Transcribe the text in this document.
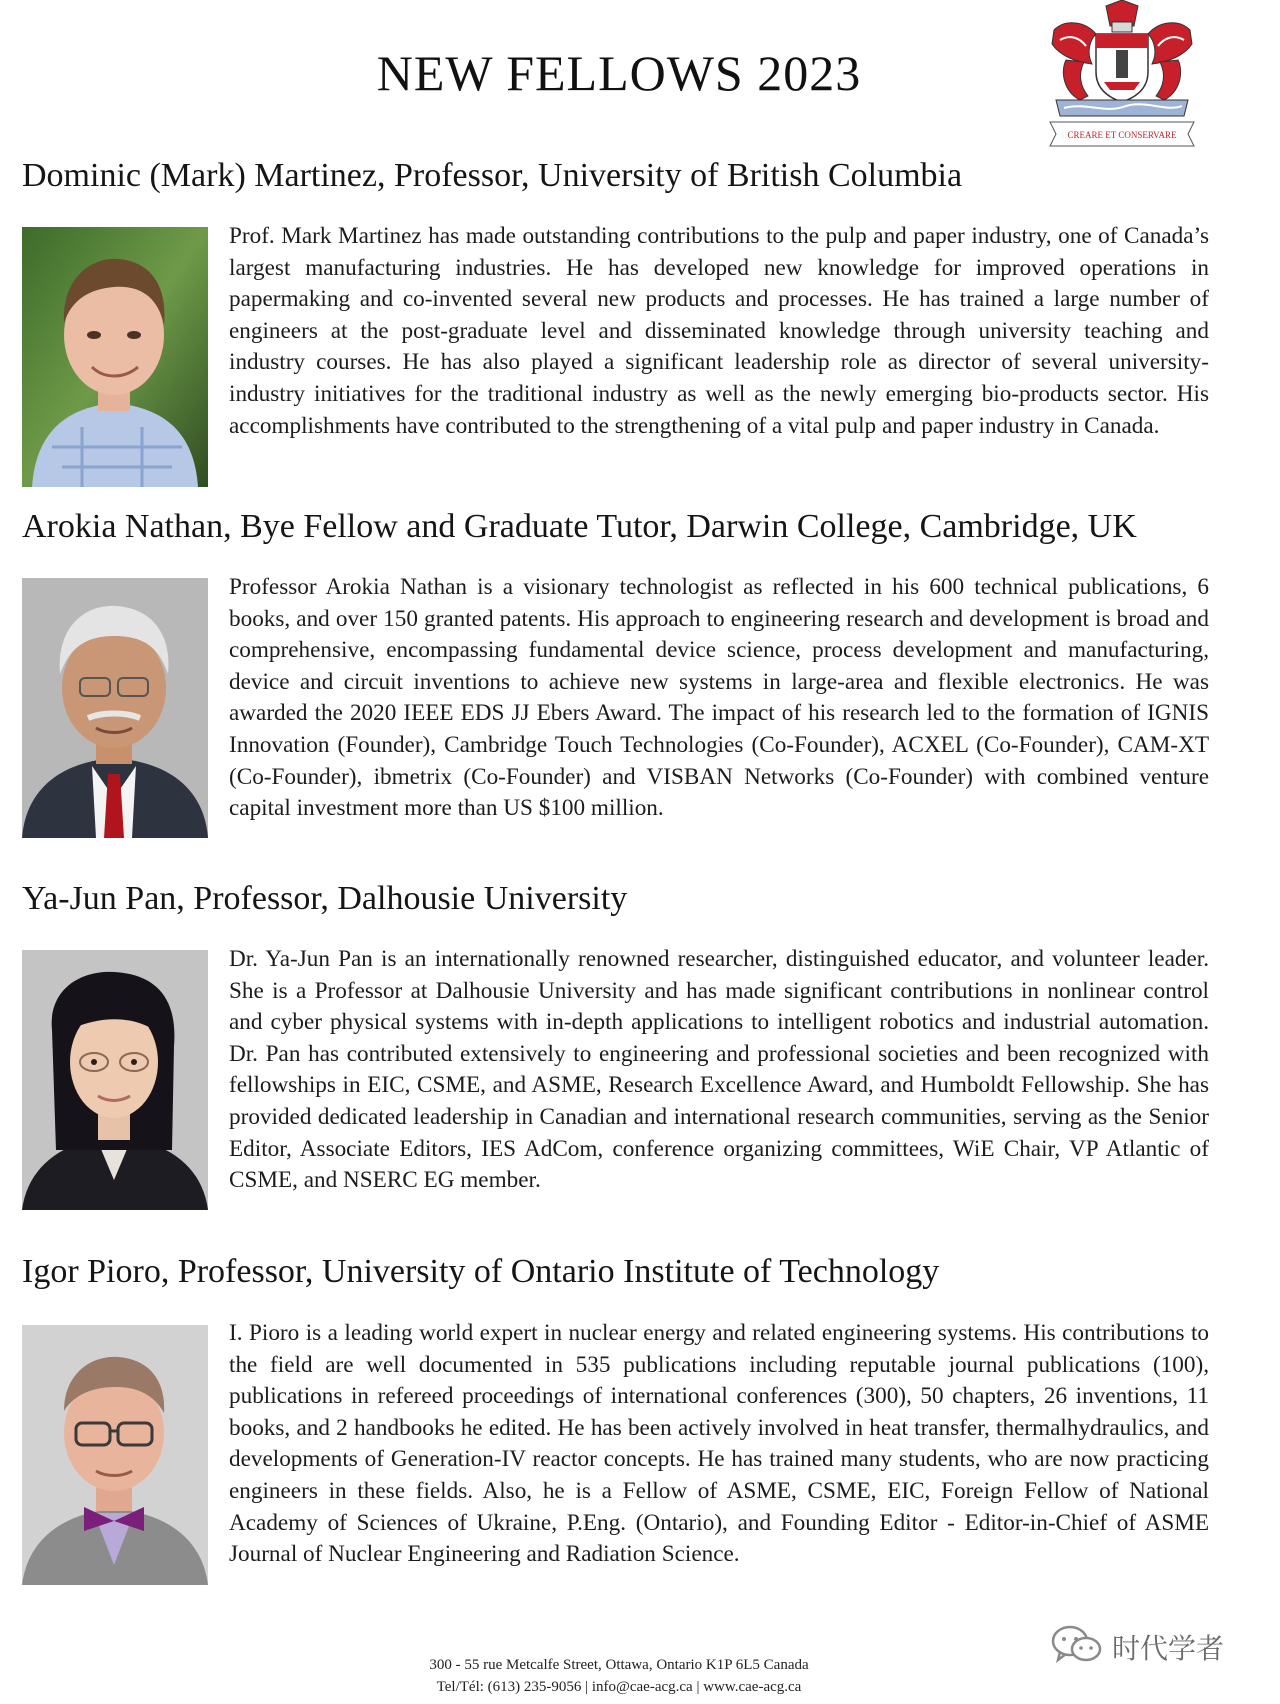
NEW FELLOWS 2023
CREARE ET CONSERVARE
Dominic (Mark) Martinez, Professor, University of British Columbia
Prof. Mark Martinez has made outstanding contributions to the pulp and paper industry, one of Canada’s largest manufacturing industries. He has developed new knowledge for improved operations in papermaking and co-invented several new products and processes. He has trained a large number of engineers at the post-graduate level and disseminated knowledge through university teaching and industry courses. He has also played a significant leadership role as director of several university-industry initiatives for the traditional industry as well as the newly emerging bio-products sector. His accomplishments have contributed to the strengthening of a vital pulp and paper industry in Canada.
Arokia Nathan, Bye Fellow and Graduate Tutor, Darwin College, Cambridge, UK
Professor Arokia Nathan is a visionary technologist as reflected in his 600 technical publications, 6 books, and over 150 granted patents. His approach to engineering research and development is broad and comprehensive, encompassing fundamental device science, process development and manufacturing, device and circuit inventions to achieve new systems in large-area and flexible electronics. He was awarded the 2020 IEEE EDS JJ Ebers Award. The impact of his research led to the formation of IGNIS Innovation (Founder), Cambridge Touch Technologies (Co-Founder), ACXEL (Co-Founder), CAM-XT (Co-Founder), ibmetrix (Co-Founder) and VISBAN Networks (Co-Founder) with combined venture capital investment more than US $100 million.
Ya-Jun Pan, Professor, Dalhousie University
Dr. Ya-Jun Pan is an internationally renowned researcher, distinguished educator, and volunteer leader. She is a Professor at Dalhousie University and has made significant contributions in nonlinear control and cyber physical systems with in-depth applications to intelligent robotics and industrial automation. Dr. Pan has contributed extensively to engineering and professional societies and been recognized with fellowships in EIC, CSME, and ASME, Research Excellence Award, and Humboldt Fellowship. She has provided dedicated leadership in Canadian and international research communities, serving as the Senior Editor, Associate Editors, IES AdCom, conference organizing committees, WiE Chair, VP Atlantic of CSME, and NSERC EG member.
Igor Pioro, Professor, University of Ontario Institute of Technology
I. Pioro is a leading world expert in nuclear energy and related engineering systems. His contributions to the field are well documented in 535 publications including reputable journal publications (100), publications in refereed proceedings of international conferences (300), 50 chapters, 26 inventions, 11 books, and 2 handbooks he edited. He has been actively involved in heat transfer, thermalhydraulics, and developments of Generation-IV reactor concepts. He has trained many students, who are now practicing engineers in these fields. Also, he is a Fellow of ASME, CSME, EIC, Foreign Fellow of National Academy of Sciences of Ukraine, P.Eng. (Ontario), and Founding Editor - Editor-in-Chief of ASME Journal of Nuclear Engineering and Radiation Science.
300 - 55 rue Metcalfe Street, Ottawa, Ontario K1P 6L5 Canada
Tel/Tél: (613) 235-9056 | info@cae-acg.ca | www.cae-acg.ca
时代学者
